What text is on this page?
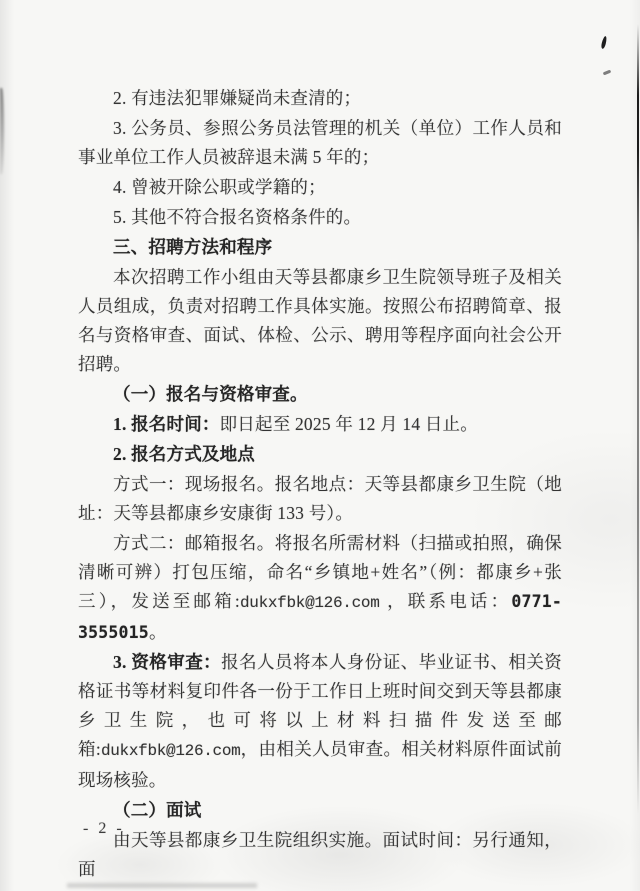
2. 有违法犯罪嫌疑尚未查清的；

3. 公务员、参照公务员法管理的机关（单位）工作人员和事业单位工作人员被辞退未满 5 年的；

4. 曾被开除公职或学籍的；

5. 其他不符合报名资格条件的。

三、招聘方法和程序

本次招聘工作小组由天等县都康乡卫生院领导班子及相关人员组成，负责对招聘工作具体实施。按照公布招聘简章、报名与资格审查、面试、体检、公示、聘用等程序面向社会公开招聘。

（一）报名与资格审查。

1. 报名时间：即日起至 2025 年 12 月 14 日止。

2. 报名方式及地点

方式一：现场报名。报名地点：天等县都康乡卫生院（地址：天等县都康乡安康街 133 号）。

方式二：邮箱报名。将报名所需材料（扫描或拍照，确保清晰可辨）打包压缩，命名“乡镇地+姓名”（例：都康乡+张三），发送至邮箱:dukxfbk@126.com ，联系电话：0771-3555015。

3. 资格审查：报名人员将本人身份证、毕业证书、相关资格证书等材料复印件各一份于工作日上班时间交到天等县都康乡卫生院，也可将以上材料扫描件发送至邮箱:dukxfbk@126.com，由相关人员审查。相关材料原件面试前现场核验。

（二）面试

由天等县都康乡卫生院组织实施。面试时间：另行通知，面

- 2 -
